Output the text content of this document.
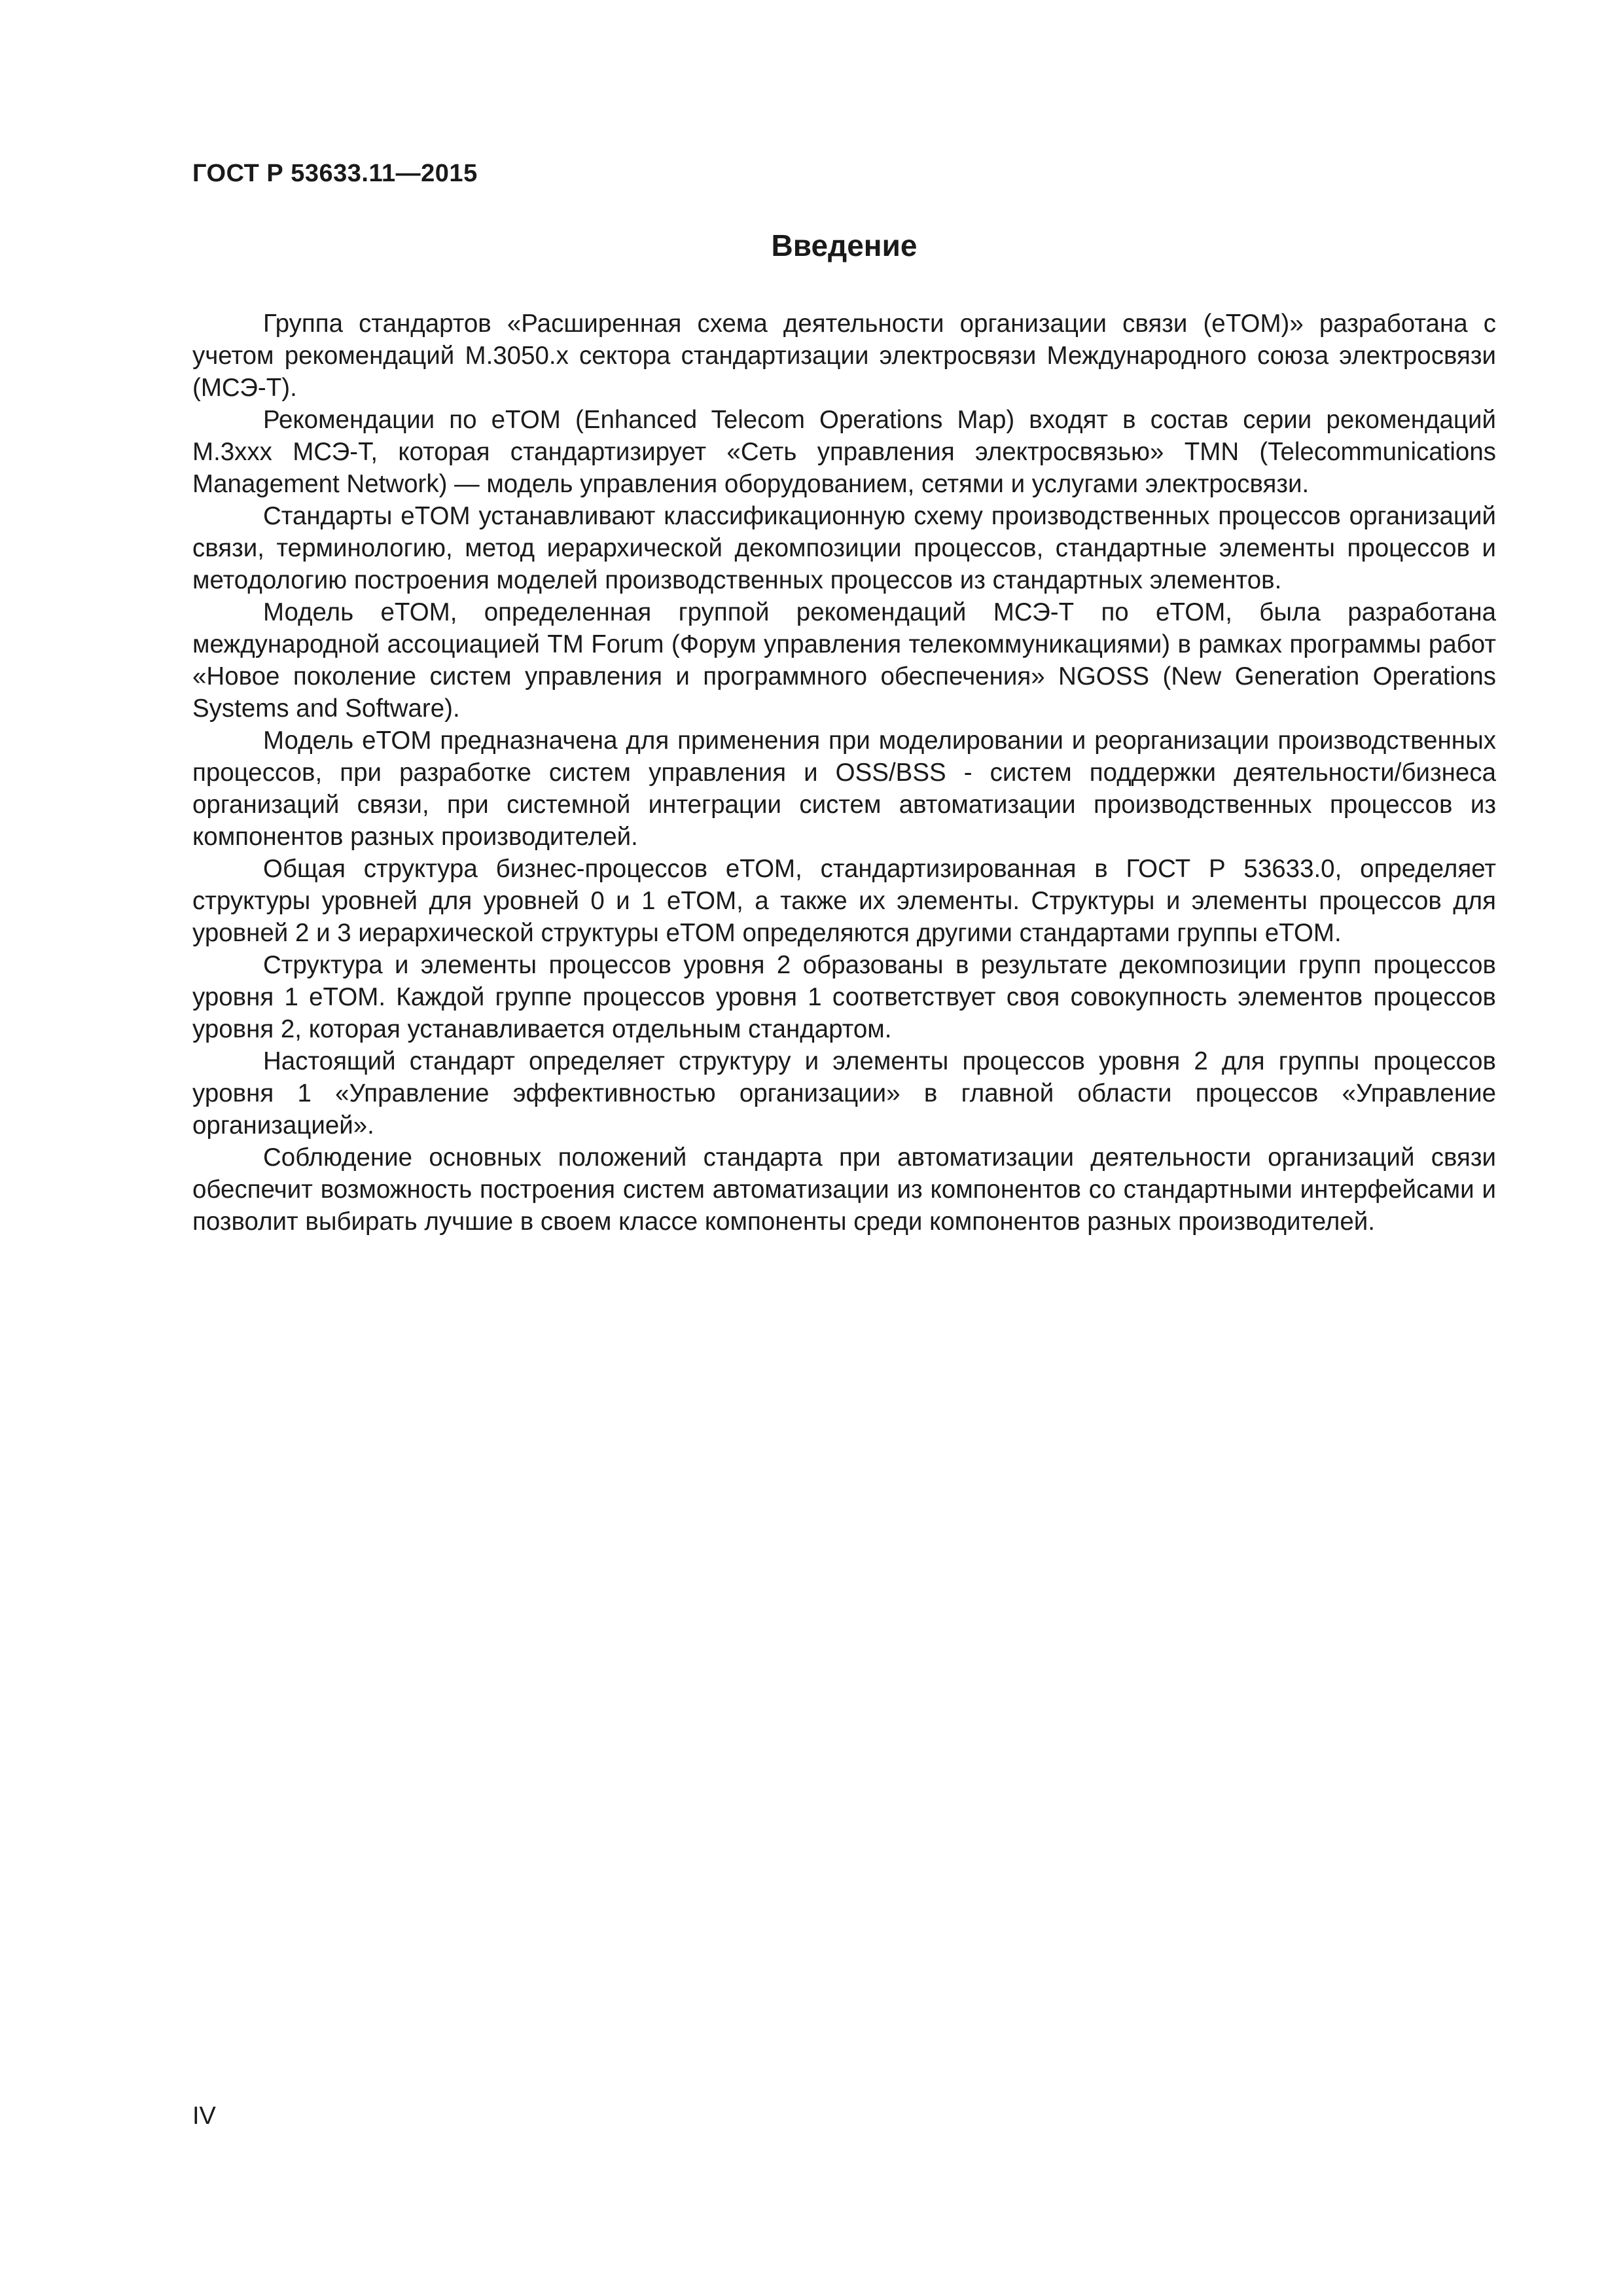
ГОСТ Р 53633.11—2015
Введение

Группа стандартов «Расширенная схема деятельности организации связи (eTOM)» разработана с учетом рекомендаций М.3050.x сектора стандартизации электросвязи Международного союза электросвязи (МСЭ-Т).

Рекомендации по eTOM (Enhanced Telecom Operations Map) входят в состав серии рекомендаций М.3xxx МСЭ-Т, которая стандартизирует «Сеть управления электросвязью» TMN (Telecommunications Management Network) — модель управления оборудованием, сетями и услугами электросвязи.

Стандарты eTOM устанавливают классификационную схему производственных процессов организаций связи, терминологию, метод иерархической декомпозиции процессов, стандартные элементы процессов и методологию построения моделей производственных процессов из стандартных элементов.

Модель eTOM, определенная группой рекомендаций МСЭ-Т по eTOM, была разработана международной ассоциацией TM Forum (Форум управления телекоммуникациями) в рамках программы работ «Новое поколение систем управления и программного обеспечения» NGOSS (New Generation Operations Systems and Software).

Модель eTOM предназначена для применения при моделировании и реорганизации производственных процессов, при разработке систем управления и OSS/BSS - систем поддержки деятельности/бизнеса организаций связи, при системной интеграции систем автоматизации производственных процессов из компонентов разных производителей.

Общая структура бизнес-процессов eTOM, стандартизированная в ГОСТ Р 53633.0, определяет структуры уровней для уровней 0 и 1 eTOM, а также их элементы. Структуры и элементы процессов для уровней 2 и 3 иерархической структуры eTOM определяются другими стандартами группы eTOM.

Структура и элементы процессов уровня 2 образованы в результате декомпозиции групп процессов уровня 1 eTOM. Каждой группе процессов уровня 1 соответствует своя совокупность элементов процессов уровня 2, которая устанавливается отдельным стандартом.

Настоящий стандарт определяет структуру и элементы процессов уровня 2 для группы процессов уровня 1 «Управление эффективностью организации» в главной области процессов «Управление организацией».

Соблюдение основных положений стандарта при автоматизации деятельности организаций связи обеспечит возможность построения систем автоматизации из компонентов со стандартными интерфейсами и позволит выбирать лучшие в своем классе компоненты среди компонентов разных производителей.

IV
